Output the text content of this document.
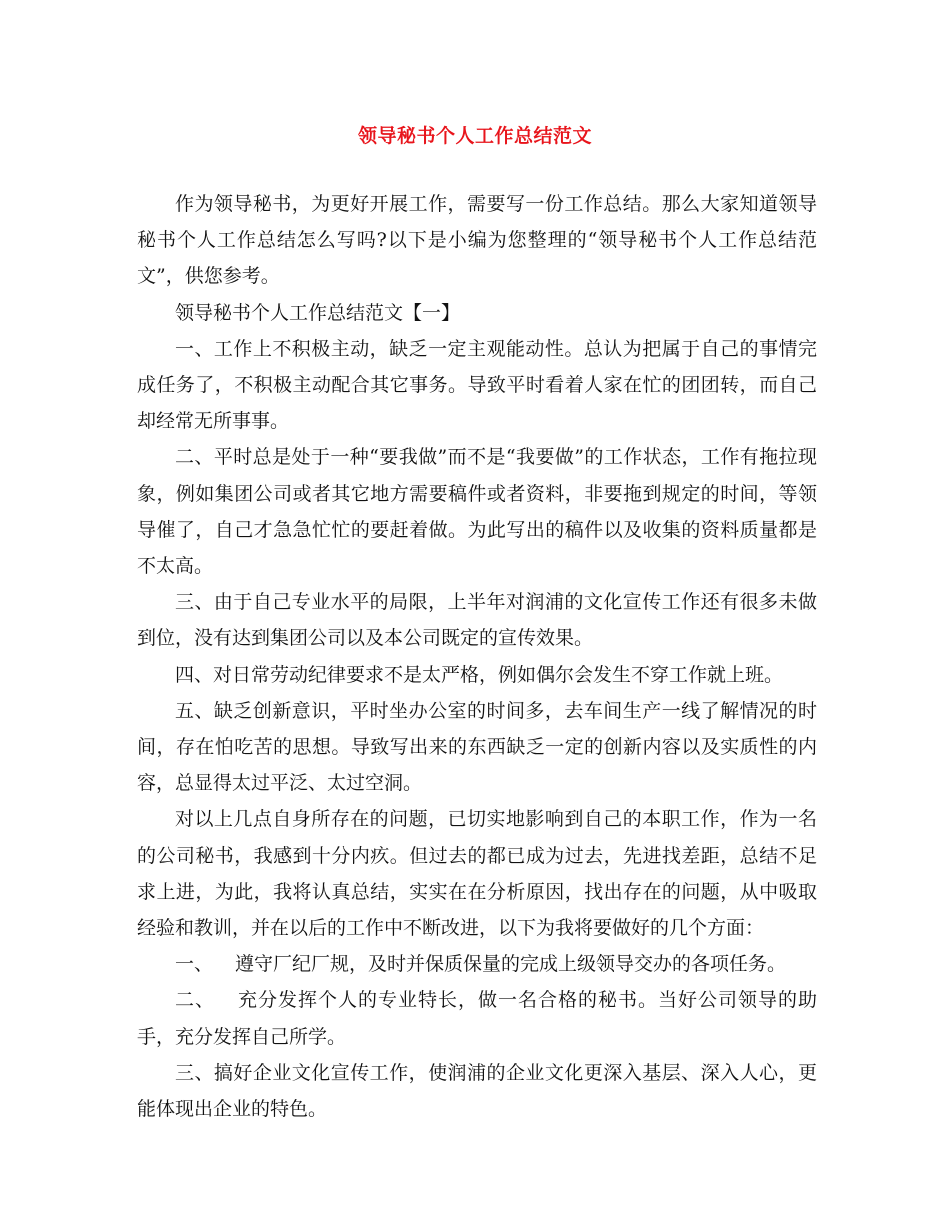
领导秘书个人工作总结范文

作为领导秘书，为更好开展工作，需要写一份工作总结。那么大家知道领导秘书个人工作总结怎么写吗?以下是小编为您整理的“领导秘书个人工作总结范文”，供您参考。

领导秘书个人工作总结范文【一】

一、工作上不积极主动，缺乏一定主观能动性。总认为把属于自己的事情完成任务了，不积极主动配合其它事务。导致平时看着人家在忙的团团转，而自己却经常无所事事。

二、平时总是处于一种“要我做”而不是“我要做”的工作状态，工作有拖拉现象，例如集团公司或者其它地方需要稿件或者资料，非要拖到规定的时间，等领导催了，自己才急急忙忙的要赶着做。为此写出的稿件以及收集的资料质量都是不太高。

三、由于自己专业水平的局限，上半年对润浦的文化宣传工作还有很多未做到位，没有达到集团公司以及本公司既定的宣传效果。

四、对日常劳动纪律要求不是太严格，例如偶尔会发生不穿工作就上班。

五、缺乏创新意识，平时坐办公室的时间多，去车间生产一线了解情况的时间，存在怕吃苦的思想。导致写出来的东西缺乏一定的创新内容以及实质性的内容，总显得太过平泛、太过空洞。

对以上几点自身所存在的问题，已切实地影响到自己的本职工作，作为一名的公司秘书，我感到十分内疚。但过去的都已成为过去，先进找差距，总结不足求上进，为此，我将认真总结，实实在在分析原因，找出存在的问题，从中吸取经验和教训，并在以后的工作中不断改进，以下为我将要做好的几个方面：

一、 遵守厂纪厂规，及时并保质保量的完成上级领导交办的各项任务。

二、 充分发挥个人的专业特长，做一名合格的秘书。当好公司领导的助手，充分发挥自己所学。

三、搞好企业文化宣传工作，使润浦的企业文化更深入基层、深入人心，更能体现出企业的特色。
